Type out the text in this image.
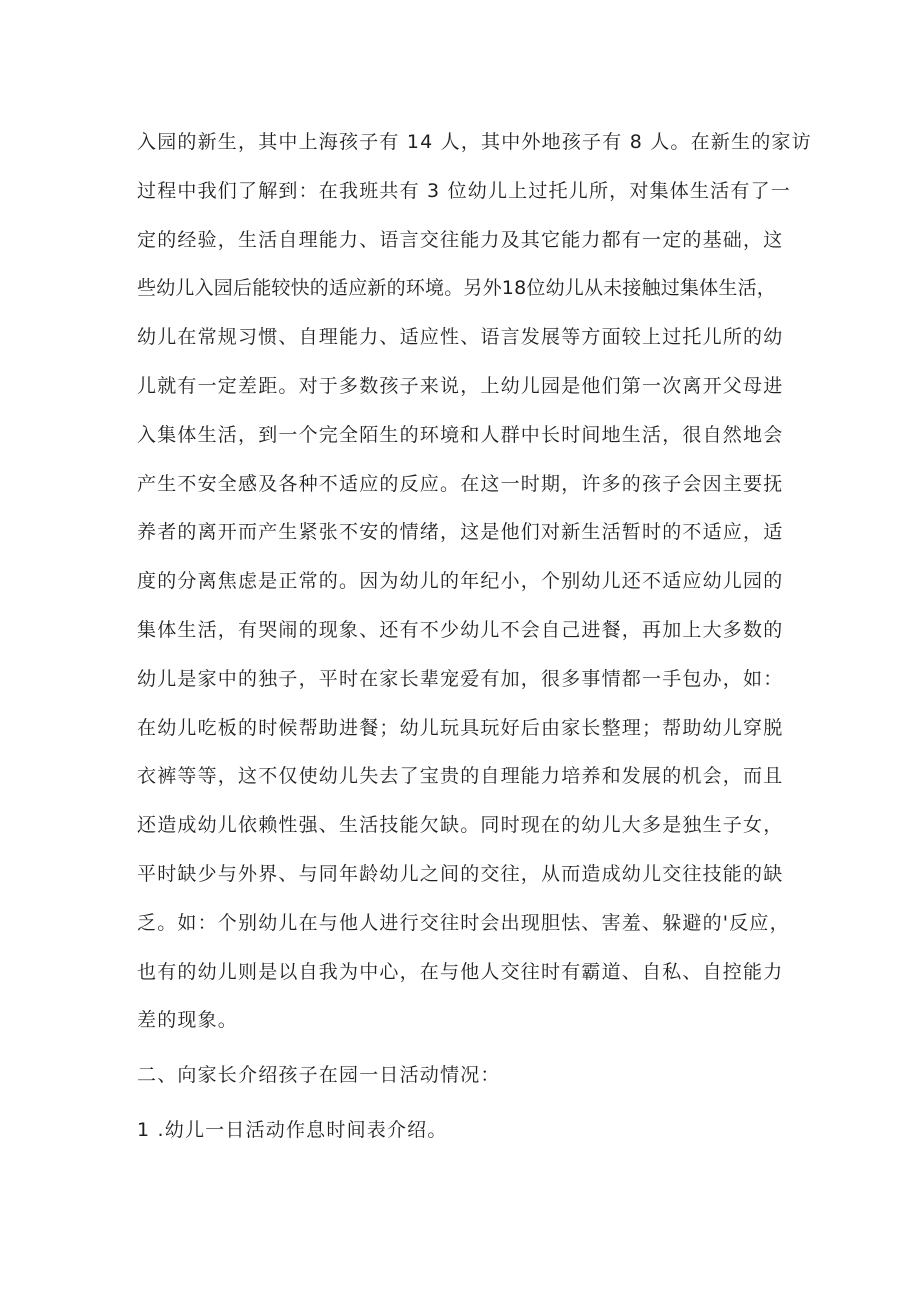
入园的新生，其中上海孩子有 14 人，其中外地孩子有 8 人。在新生的家访
过程中我们了解到：在我班共有 3 位幼儿上过托儿所，对集体生活有了一
定的经验，生活自理能力、语言交往能力及其它能力都有一定的基础，这
些幼儿入园后能较快的适应新的环境。另外18位幼儿从未接触过集体生活，
幼儿在常规习惯、自理能力、适应性、语言发展等方面较上过托儿所的幼
儿就有一定差距。对于多数孩子来说，上幼儿园是他们第一次离开父母进
入集体生活，到一个完全陌生的环境和人群中长时间地生活，很自然地会
产生不安全感及各种不适应的反应。在这一时期，许多的孩子会因主要抚
养者的离开而产生紧张不安的情绪，这是他们对新生活暂时的不适应，适
度的分离焦虑是正常的。因为幼儿的年纪小，个别幼儿还不适应幼儿园的
集体生活，有哭闹的现象、还有不少幼儿不会自己进餐，再加上大多数的
幼儿是家中的独子，平时在家长辈宠爱有加，很多事情都一手包办，如：
在幼儿吃板的时候帮助进餐；幼儿玩具玩好后由家长整理；帮助幼儿穿脱
衣裤等等，这不仅使幼儿失去了宝贵的自理能力培养和发展的机会，而且
还造成幼儿依赖性强、生活技能欠缺。同时现在的幼儿大多是独生子女，
平时缺少与外界、与同年龄幼儿之间的交往，从而造成幼儿交往技能的缺
乏。如：个别幼儿在与他人进行交往时会出现胆怯、害羞、躲避的'反应，
也有的幼儿则是以自我为中心，在与他人交往时有霸道、自私、自控能力
差的现象。
二、向家长介绍孩子在园一日活动情况：
1 .幼儿一日活动作息时间表介绍。
